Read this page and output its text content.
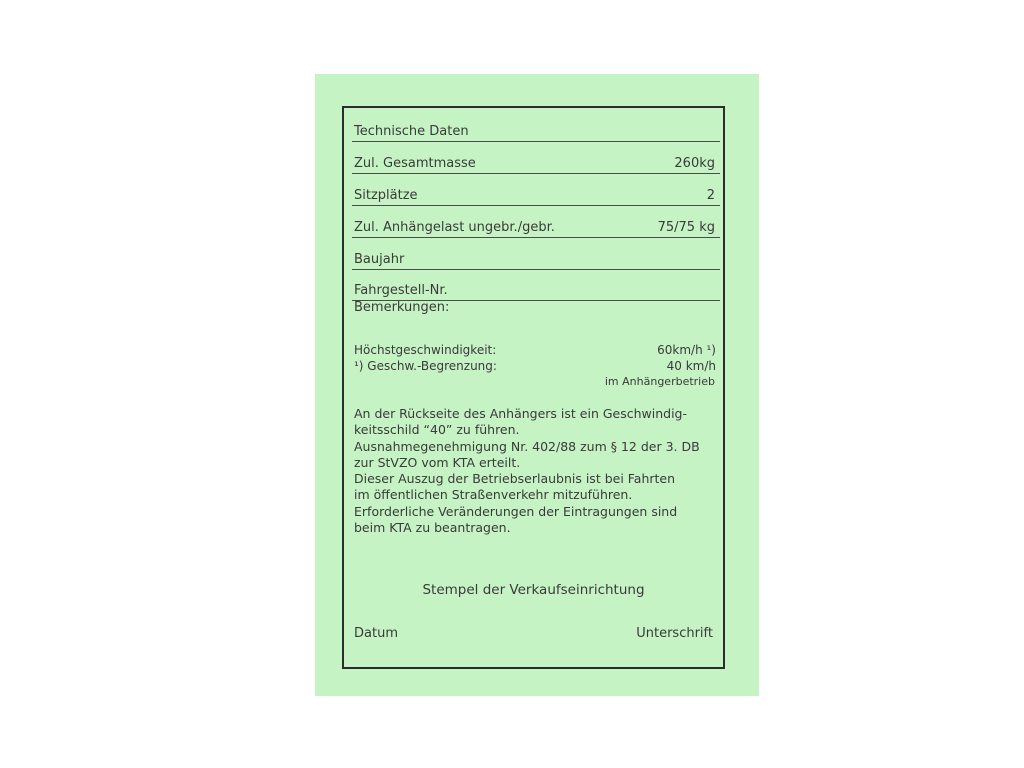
Technische Daten
Zul. Gesamtmasse	260kg
Sitzplätze	2
Zul. Anhängelast ungebr./gebr.	75/75 kg
Baujahr
Fahrgestell-Nr.
Bemerkungen:
Höchstgeschwindigkeit:	60km/h ¹)
¹) Geschw.-Begrenzung:	40 km/h
im Anhängerbetrieb
An der Rückseite des Anhängers ist ein Geschwindig-
keitsschild “40” zu führen.
Ausnahmegenehmigung Nr. 402/88 zum § 12 der 3. DB
zur StVZO vom KTA erteilt.
Dieser Auszug der Betriebserlaubnis ist bei Fahrten
im öffentlichen Straßenverkehr mitzuführen.
Erforderliche Veränderungen der Eintragungen sind
beim KTA zu beantragen.
Stempel der Verkaufseinrichtung
Datum	Unterschrift
